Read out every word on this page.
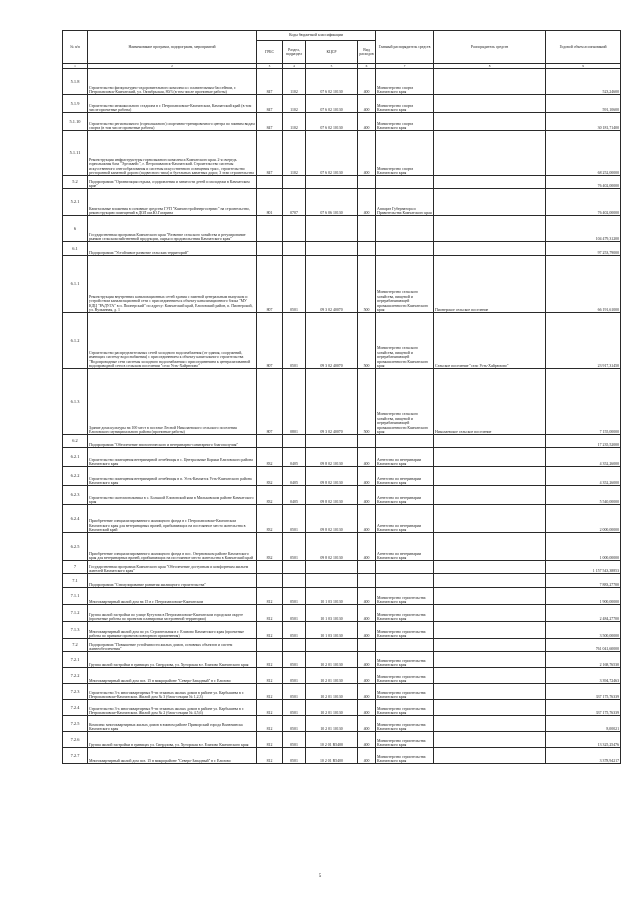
№ п/п	Наименование программ, подпрограмм, мероприятий	Коды бюджетной классификации				Главный распорядитель средств	Распорядитель средств	Годовой объем ассигнований
		ГРБС	Раздел, подраздел	КЦСР	Вид расходов			
1	2	3	4	5	6	7	8	9
5.1.8	Строительство физкультурно-оздоровительного комплекса с плавательным бассейном, г. Петропавловск-Камчатский, ул. Октябрьская, 80/3 (в том числе проектные работы)	847	1102	07 6 02 10130	400	Министерство спорта Камчатского края		523,24600
5.1.9	Строительство межшкольного стадиона в г. Петропавловске-Камчатском, Камчатский край (в том числе проектные работы)	847	1102	07 6 02 10130	400	Министерство спорта Камчатского края		591,10600
5.1.10	Строительство регионального (горнолыжного) спортивно-тренировочного центра по зимним видам спорта (в том числе проектные работы)	847	1102	07 6 02 10130	400	Министерство спорта Камчатского края		30 181,71400
5.1.11	Реконструкция инфраструктуры горнолыжного комплекса Камчатского края. 2-я очередь горнолыжная база "Эдельвейс", г. Петропавловск-Камчатский. Строительство системы искусственного снегообразования и системы искусственного освещения трасс, строительство ресторанной канатной дороги (подвесного типа) и бугельных канатных дорог, 3 этап строительства	847	1102	07 6 02 10130	400	Министерство спорта Камчатского края		68 252,00000
5.2	Подпрограмма "Организация отдыха, оздоровления и занятости детей и молодежи в Камчатском крае"							76 402,00000
5.2.1	Капитальные вложения в основные средства ГУП "Камчатстройэнергосервис" на строительство, реконструкцию помещений в ДОЛ им.Ю.Гагарина	801	0707	07 6 06 10130	400	Аппарат Губернатора и Правительства Камчатского края		76 402,00000
6	Государственная программа Камчатского края "Развитие сельского хозяйства и регулирование рынков сельскохозяйственной продукции, сырья и продовольствия Камчатского края"							104 479,31200
6.1	Подпрограмма "Устойчивое развитие сельских территорий"							97 253,79000
6.1.1	Реконструкция внутренних канализационных сетей здания с заменой центральным выпуском и устройством канализационной сети с присоединением к объекту канализационного блока "МУ КДЦ "РАДУГА" в п. Пионерский" по адресу: Камчатский край, Елизовский район, п. Пионерский, ул. Вулканная, д. 1	807	0501	09 3 02 40070	500	Министерство сельского хозяйства, пищевой и перерабатывающей промышленности Камчатского края	Пионерское сельское поселение	66 191,61000
6.1.2	Строительство распределительных сетей холодного водоснабжения (от здания, сооружений, имеющих систему водоснабжения) с присоединением к объекту капитального строительства "Водопроводные сети системы холодного водоснабжения с присоединением к централизованной водопроводной сети в сельском поселении "село Усть-Хайрюзово"	807	0501	09 3 02 40070	500	Министерство сельского хозяйства, пищевой и перерабатывающей промышленности Камчатского края	Сельское поселение "село Усть-Хайрюзово"	23 917,31450
6.1.3	Здание дома культуры на 100 мест в поселке Лесной Николаевского сельского поселения Елизовского муниципального района (проектные работы)	807	0801	09 3 02 40070	500	Министерство сельского хозяйства, пищевой и перерабатывающей промышленности Камчатского края	Николаевское сельское поселение	7 155,00000
6.2	Подпрограмма "Обеспечение эпизоотического и ветеринарно-санитарного благополучия"							17 235,52000
6.2.1	Строительство помещения ветеринарной лечебницы в с. Центральные Коряки Елизовского района Камчатского края	832	0405	09 8 02 10130	400	Агентство по ветеринарии Камчатского края		4 352,26000
6.2.2	Строительство помещения ветеринарной лечебницы в п. Усть-Камчатск Усть-Камчатского района Камчатского края	832	0405	09 8 02 10130	400	Агентство по ветеринарии Камчатского края		4 352,26000
6.2.3	Строительство скотомогильника в с. Большой Елизовский ями в Мильковском районе Камчатского края	832	0405	09 8 02 10130	400	Агентство по ветеринарии Камчатского края		5 540,00000
6.2.4	Приобретение специализированного жилищного фонда в г. Петропавловске-Камчатском Камчатского края для ветеринарных врачей, прибывающих на постоянное место жительства в Камчатский край	832	0501	09 8 02 10130	400	Агентство по ветеринарии Камчатского края		2 000,00000
6.2.5	Приобретение специализированного жилищного фонда в пос. Озерновском районе Камчатского края для ветеринарных врачей, прибывающих на постоянное место жительства в Камчатский край	832	0501	09 8 02 10130	400	Агентство по ветеринарии Камчатского края		1 000,00000
7	Государственная программа Камчатского края "Обеспечение доступным и комфортным жильем жителей Камчатского края"							1 157 543,38853
7.1	Подпрограмма "Стимулирование развития жилищного строительства"							7 883,27700
7.1.1	Многоквартирный жилой дом на 15 в г. Петропавловске-Камчатском	812	0501	10 1 03 10130	400	Министерство строительства Камчатского края		1 900,00000
7.1.2	Группа жилой застройки по улице Кутузова в Петропавловске-Камчатском городском округе (проектные работы по проектам планировки застроенной территории)	812	0501	10 1 03 10130	400	Министерство строительства Камчатского края		2 484,27700
7.1.3	Многоквартирный жилой дом по ул. Строительная в г. Елизово Камчатского края (проектные работы по привязке проектов повторного применения)	812	0501	10 1 03 10130	400	Министерство строительства Камчатского края		3 500,00000
7.2	Подпрограмма "Повышение устойчивости жилых домов, основных объектов и систем жизнеобеспечения"							761 041,60000
7.2.1	Группа жилой застройки в границах ул. Свердлова, ул. Хуторская в г. Елизово Камчатского края	812	0501	10 2 01 10130	400	Министерство строительства Камчатского края		2 168,76530
7.2.2	Многоквартирный жилой дом поз. 15 в микрорайоне "Северо-Западный" в г. Елизово	812	0501	10 2 01 10130	400	Министерство строительства Камчатского края		3 394,72463
7.2.3	Строительство 3-х многоквартирных 9-ти этажных жилых домов в районе ул. Карбышева в г. Петропавловске-Камчатском. Жилой дом № 3 (блок-секции № 1,2,3)	812	0501	10 2 01 10130	400	Министерство строительства Камчатского края		337 175,76339
7.2.4	Строительство 3-х многоквартирных 9-ти этажных жилых домов в районе ул. Карбышева в г. Петропавловске-Камчатском. Жилой дом № 2 (блок-секции № 4,5,6)	812	0501	10 2 01 10130	400	Министерство строительства Камчатского края		337 175,76339
7.2.5	Комплекс многоквартирных жилых домов в южном районе Приморский города Вилючинска Камчатского края	812	0501	10 2 01 10130	400	Министерство строительства Камчатского края		8,00021
7.2.6	Группа жилой застройки в границах ул. Свердлова, ул. Хуторская в г. Елизово Камчатского края	812	0501	10 2 01 R5400	400	Министерство строительства Камчатского края		13 325,25476
7.2.7	Многоквартирный жилой дом поз. 15 в микрорайоне "Северо-Западный" в г. Елизово	812	0501	10 2 01 R5400	400	Министерство строительства Камчатского края		3 378,94217
5
